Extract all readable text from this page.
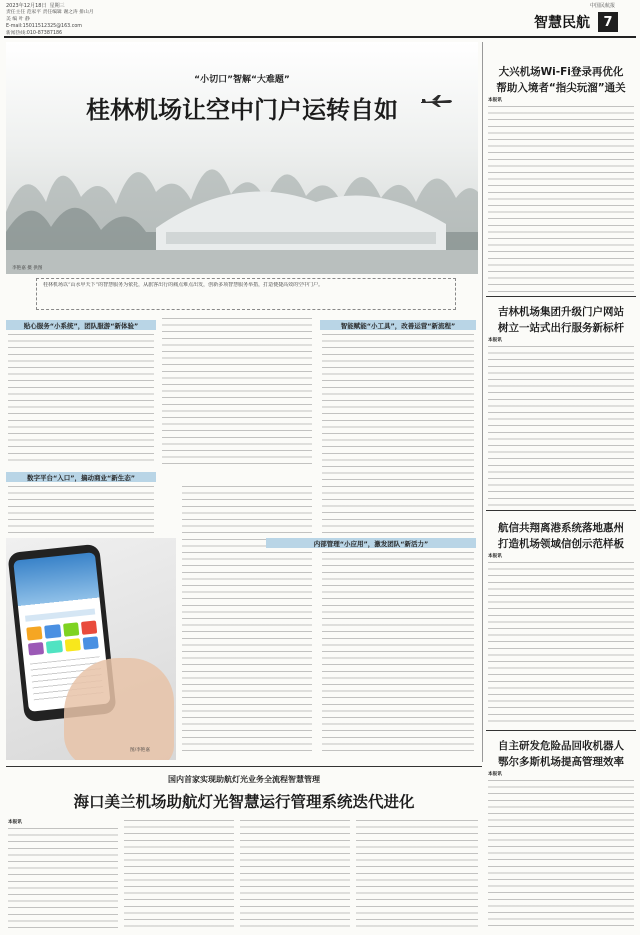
2023年12月18日 星期三
责任主任 范家平 责任编辑 谢之涛 排山月
美 编 叶 静
E-mail:15011512325@163.com
新闻热线:010-87387186
中国民航报
智慧民航	7
“小切口”智解“大难题”
桂林机场让空中门户运转自如
李艳嘉 摄 供图
桂林机场以“山水甲天下”的智慧服务为依托，从旅客出行的痛点难点出发，创新多项智慧服务举措，打造便捷高效的空中门户。
贴心服务“小系统”，团队服游“新体验”
数字平台“入口”，搞动商业“新生态”
图/李艳嘉
智能赋能“小工具”，改善运营“新流程”
内部管理“小应用”，激发团队“新活力”
大兴机场Wi-Fi登录再优化
帮助入境者“指尖玩溜”通关
本报讯
吉林机场集团升级门户网站
树立一站式出行服务新标杆
本报讯
航信共翔离港系统落地惠州
打造机场领域信创示范样板
本报讯
自主研发危险品回收机器人
鄂尔多斯机场提高管理效率
本报讯
国内首家实现助航灯光业务全流程智慧管理
海口美兰机场助航灯光智慧运行管理系统迭代进化
本报讯
